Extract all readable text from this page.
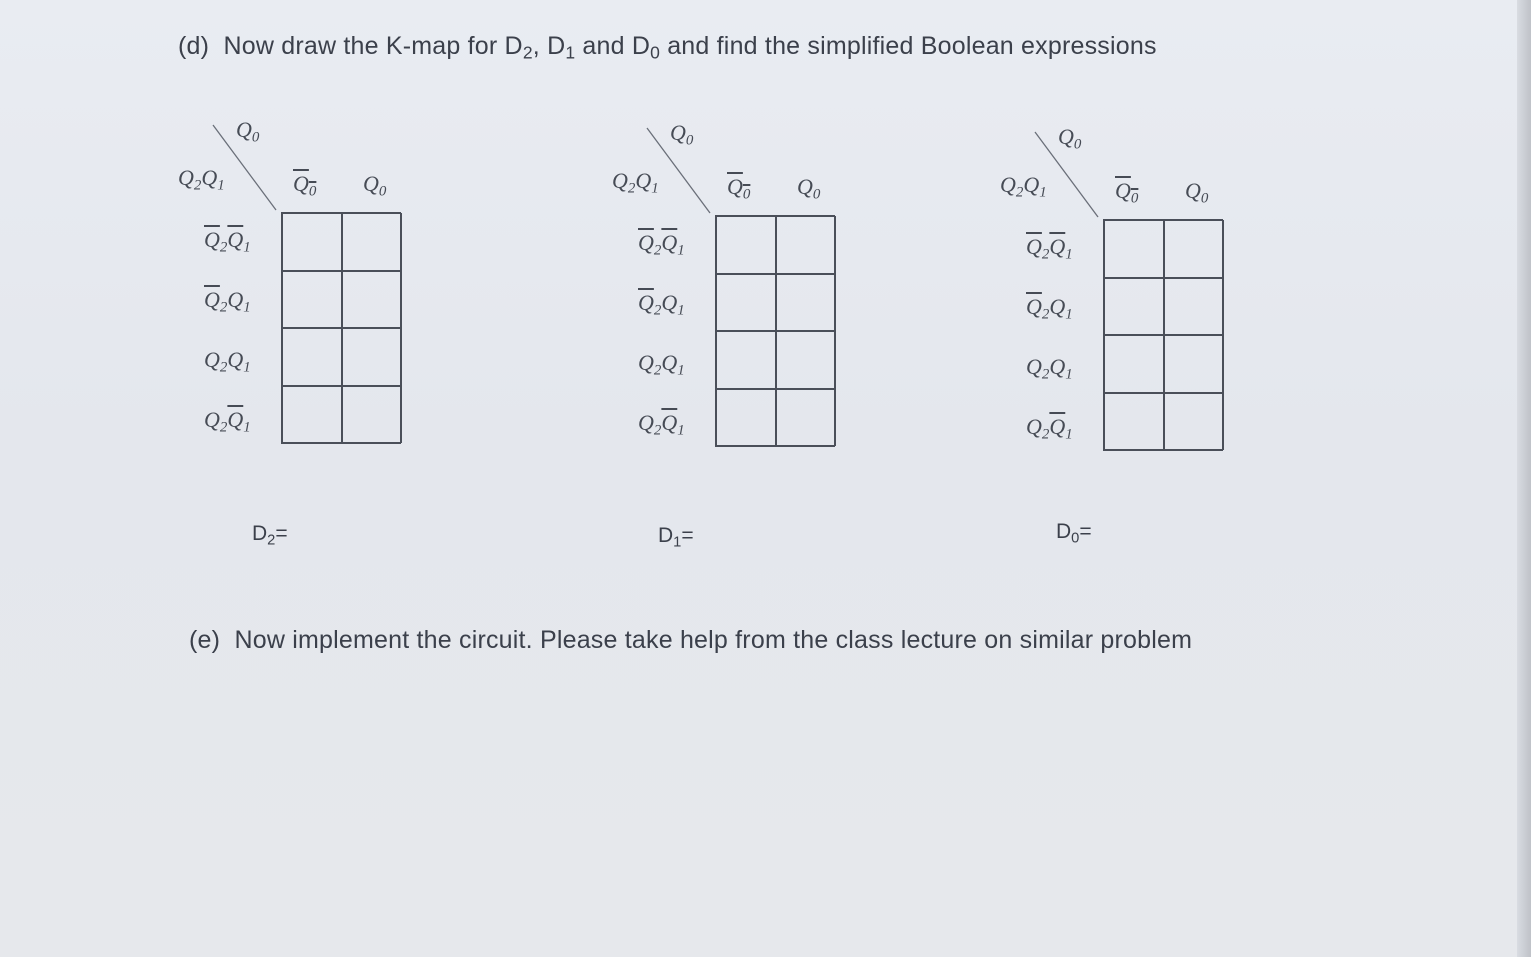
(d) Now draw the K-map for $D_2$, $D_1$ and $D_0$ and find the simplified Boolean expressions
$Q_0$
$Q_2Q_1$	$Q_0$ $Q_0$
$\overline{Q}_2\overline{Q}_1$
$\overline{Q}_2Q_1$
$Q_2Q_1$
$Q_2\overline{Q}_1$
$D_2=$
$Q_0$
$Q_2Q_1$	$Q_0$ $Q_0$
$\overline{Q}_2\overline{Q}_1$
$\overline{Q}_2Q_1$
$Q_2Q_1$
$Q_2\overline{Q}_1$
$D_1=$
$Q_0$
$Q_2Q_1$	$Q_0$ $Q_0$
$\overline{Q}_2\overline{Q}_1$
$\overline{Q}_2Q_1$
$Q_2Q_1$
$Q_2\overline{Q}_1$
$D_0=$
(e) Now implement the circuit. Please take help from the class lecture on similar problem
